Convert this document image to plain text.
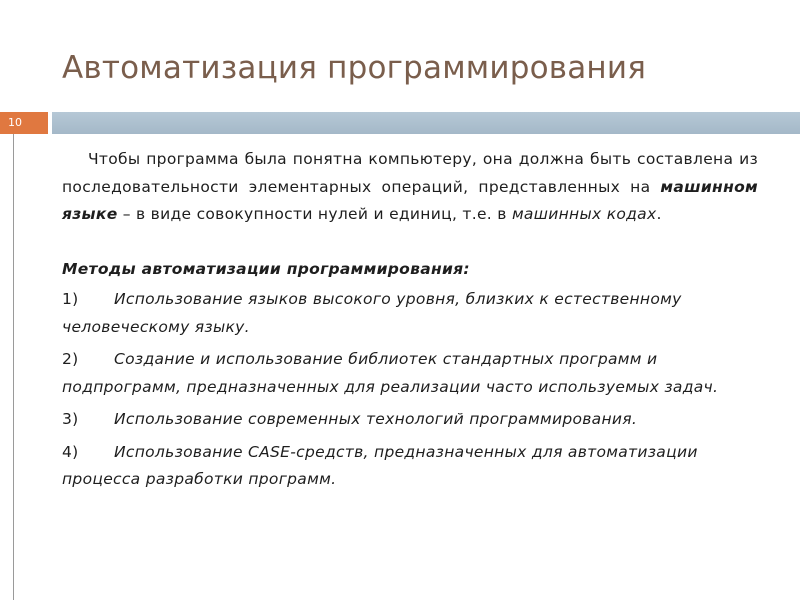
Автоматизация программирования
10

Чтобы программа была понятна компьютеру, она должна быть составлена из последовательности элементарных операций, представленных на машинном языке – в виде совокупности нулей и единиц, т.е. в машинных кодах.

Методы автоматизации программирования:

1) Использование языков высокого уровня, близких к естественному человеческому языку.

2) Создание и использование библиотек стандартных программ и подпрограмм, предназначенных для реализации часто используемых задач.

3) Использование современных технологий программирования.

4) Использование CASE-средств, предназначенных для автоматизации процесса разработки программ.
